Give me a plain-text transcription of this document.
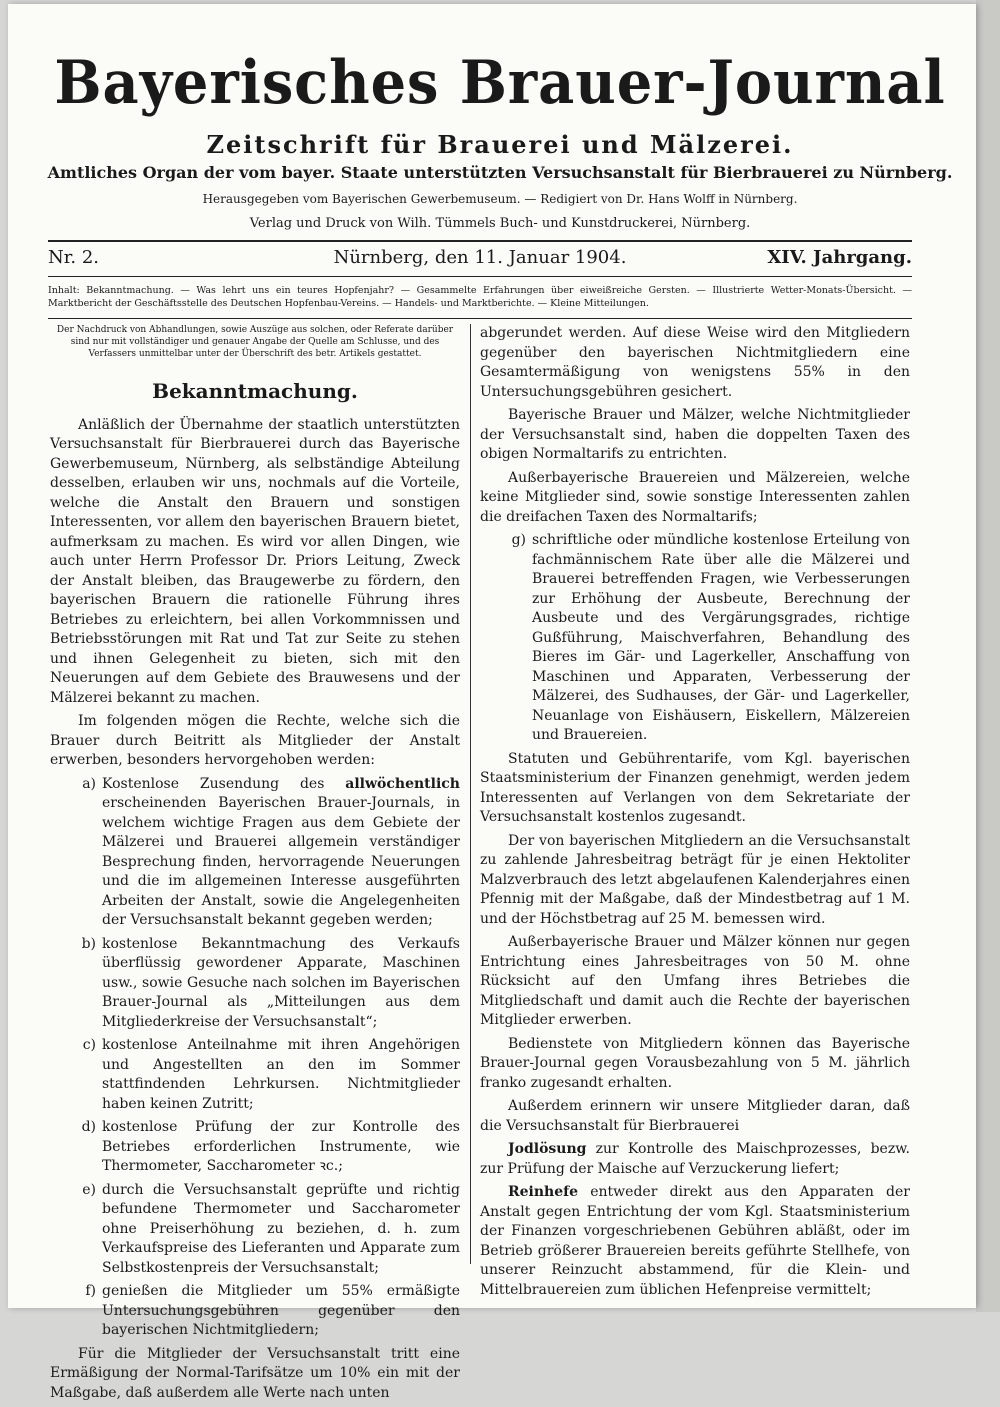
Bayerisches Brauer-Journal
Zeitschrift für Brauerei und Mälzerei.
Amtliches Organ der vom bayer. Staate unterstützten Versuchsanstalt für Bierbrauerei zu Nürnberg.
Herausgegeben vom Bayerischen Gewerbemuseum. — Redigiert von Dr. Hans Wolff in Nürnberg.
Verlag und Druck von Wilh. Tümmels Buch- und Kunstdruckerei, Nürnberg.
Nr. 2.	Nürnberg, den 11. Januar 1904.	XIV. Jahrgang.
Inhalt: Bekanntmachung. — Was lehrt uns ein teures Hopfenjahr? — Gesammelte Erfahrungen über eiweißreiche Gersten. — Illustrierte Wetter-Monats-Übersicht. — Marktbericht der Geschäftsstelle des Deutschen Hopfenbau-Vereins. — Handels- und Marktberichte. — Kleine Mitteilungen.
Der Nachdruck von Abhandlungen, sowie Auszüge aus solchen, oder Referate darüber sind nur mit vollständiger und genauer Angabe der Quelle am Schlusse, und des Verfassers unmittelbar unter der Überschrift des betr. Artikels gestattet.
Bekanntmachung.

Anläßlich der Übernahme der staatlich unterstützten Versuchsanstalt für Bierbrauerei durch das Bayerische Gewerbemuseum, Nürnberg, als selbständige Abteilung desselben, erlauben wir uns, nochmals auf die Vorteile, welche die Anstalt den Brauern und sonstigen Interessenten, vor allem den bayerischen Brauern bietet, aufmerksam zu machen. Es wird vor allen Dingen, wie auch unter Herrn Professor Dr. Priors Leitung, Zweck der Anstalt bleiben, das Braugewerbe zu fördern, den bayerischen Brauern die rationelle Führung ihres Betriebes zu erleichtern, bei allen Vorkommnissen und Betriebsstörungen mit Rat und Tat zur Seite zu stehen und ihnen Gelegenheit zu bieten, sich mit den Neuerungen auf dem Gebiete des Brauwesens und der Mälzerei bekannt zu machen.

Im folgenden mögen die Rechte, welche sich die Brauer durch Beitritt als Mitglieder der Anstalt erwerben, besonders hervorgehoben werden:

a) Kostenlose Zusendung des allwöchentlich erscheinenden Bayerischen Brauer-Journals, in welchem wichtige Fragen aus dem Gebiete der Mälzerei und Brauerei allgemein verständiger Besprechung finden, hervorragende Neuerungen und die im allgemeinen Interesse ausgeführten Arbeiten der Anstalt, sowie die Angelegenheiten der Versuchsanstalt bekannt gegeben werden;
b) kostenlose Bekanntmachung des Verkaufs überflüssig gewordener Apparate, Maschinen usw., sowie Gesuche nach solchen im Bayerischen Brauer-Journal als „Mitteilungen aus dem Mitgliederkreise der Versuchsanstalt“;
c) kostenlose Anteilnahme mit ihren Angehörigen und Angestellten an den im Sommer stattfindenden Lehrkursen. Nichtmitglieder haben keinen Zutritt;
d) kostenlose Prüfung der zur Kontrolle des Betriebes erforderlichen Instrumente, wie Thermometer, Saccharometer ꝛc.;
e) durch die Versuchsanstalt geprüfte und richtig befundene Thermometer und Saccharometer ohne Preiserhöhung zu beziehen, d. h. zum Verkaufspreise des Lieferanten und Apparate zum Selbstkostenpreis der Versuchsanstalt;
f) genießen die Mitglieder um 55% ermäßigte Untersuchungsgebühren gegenüber den bayerischen Nichtmitgliedern;

Für die Mitglieder der Versuchsanstalt tritt eine Ermäßigung der Normal-Tarifsätze um 10% ein mit der Maßgabe, daß außerdem alle Werte nach unten

abgerundet werden. Auf diese Weise wird den Mitgliedern gegenüber den bayerischen Nichtmitgliedern eine Gesamtermäßigung von wenigstens 55% in den Untersuchungsgebühren gesichert.

Bayerische Brauer und Mälzer, welche Nichtmitglieder der Versuchsanstalt sind, haben die doppelten Taxen des obigen Normaltarifs zu entrichten.

Außerbayerische Brauereien und Mälzereien, welche keine Mitglieder sind, sowie sonstige Interessenten zahlen die dreifachen Taxen des Normaltarifs;

g) schriftliche oder mündliche kostenlose Erteilung von fachmännischem Rate über alle die Mälzerei und Brauerei betreffenden Fragen, wie Verbesserungen zur Erhöhung der Ausbeute, Berechnung der Ausbeute und des Vergärungsgrades, richtige Gußführung, Maischverfahren, Behandlung des Bieres im Gär- und Lagerkeller, Anschaffung von Maschinen und Apparaten, Verbesserung der Mälzerei, des Sudhauses, der Gär- und Lagerkeller, Neuanlage von Eishäusern, Eiskellern, Mälzereien und Brauereien.

Statuten und Gebührentarife, vom Kgl. bayerischen Staatsministerium der Finanzen genehmigt, werden jedem Interessenten auf Verlangen von dem Sekretariate der Versuchsanstalt kostenlos zugesandt.

Der von bayerischen Mitgliedern an die Versuchsanstalt zu zahlende Jahresbeitrag beträgt für je einen Hektoliter Malzverbrauch des letzt abgelaufenen Kalenderjahres einen Pfennig mit der Maßgabe, daß der Mindestbetrag auf 1 M. und der Höchstbetrag auf 25 M. bemessen wird.

Außerbayerische Brauer und Mälzer können nur gegen Entrichtung eines Jahresbeitrages von 50 M. ohne Rücksicht auf den Umfang ihres Betriebes die Mitgliedschaft und damit auch die Rechte der bayerischen Mitglieder erwerben.

Bedienstete von Mitgliedern können das Bayerische Brauer-Journal gegen Vorausbezahlung von 5 M. jährlich franko zugesandt erhalten.

Außerdem erinnern wir unsere Mitglieder daran, daß die Versuchsanstalt für Bierbrauerei

Jodlösung zur Kontrolle des Maischprozesses, bezw. zur Prüfung der Maische auf Verzuckerung liefert;

Reinhefe entweder direkt aus den Apparaten der Anstalt gegen Entrichtung der vom Kgl. Staatsministerium der Finanzen vorgeschriebenen Gebühren abläßt, oder im Betrieb größerer Brauereien bereits geführte Stellhefe, von unserer Reinzucht abstammend, für die Klein- und Mittelbrauereien zum üblichen Hefenpreise vermittelt;
